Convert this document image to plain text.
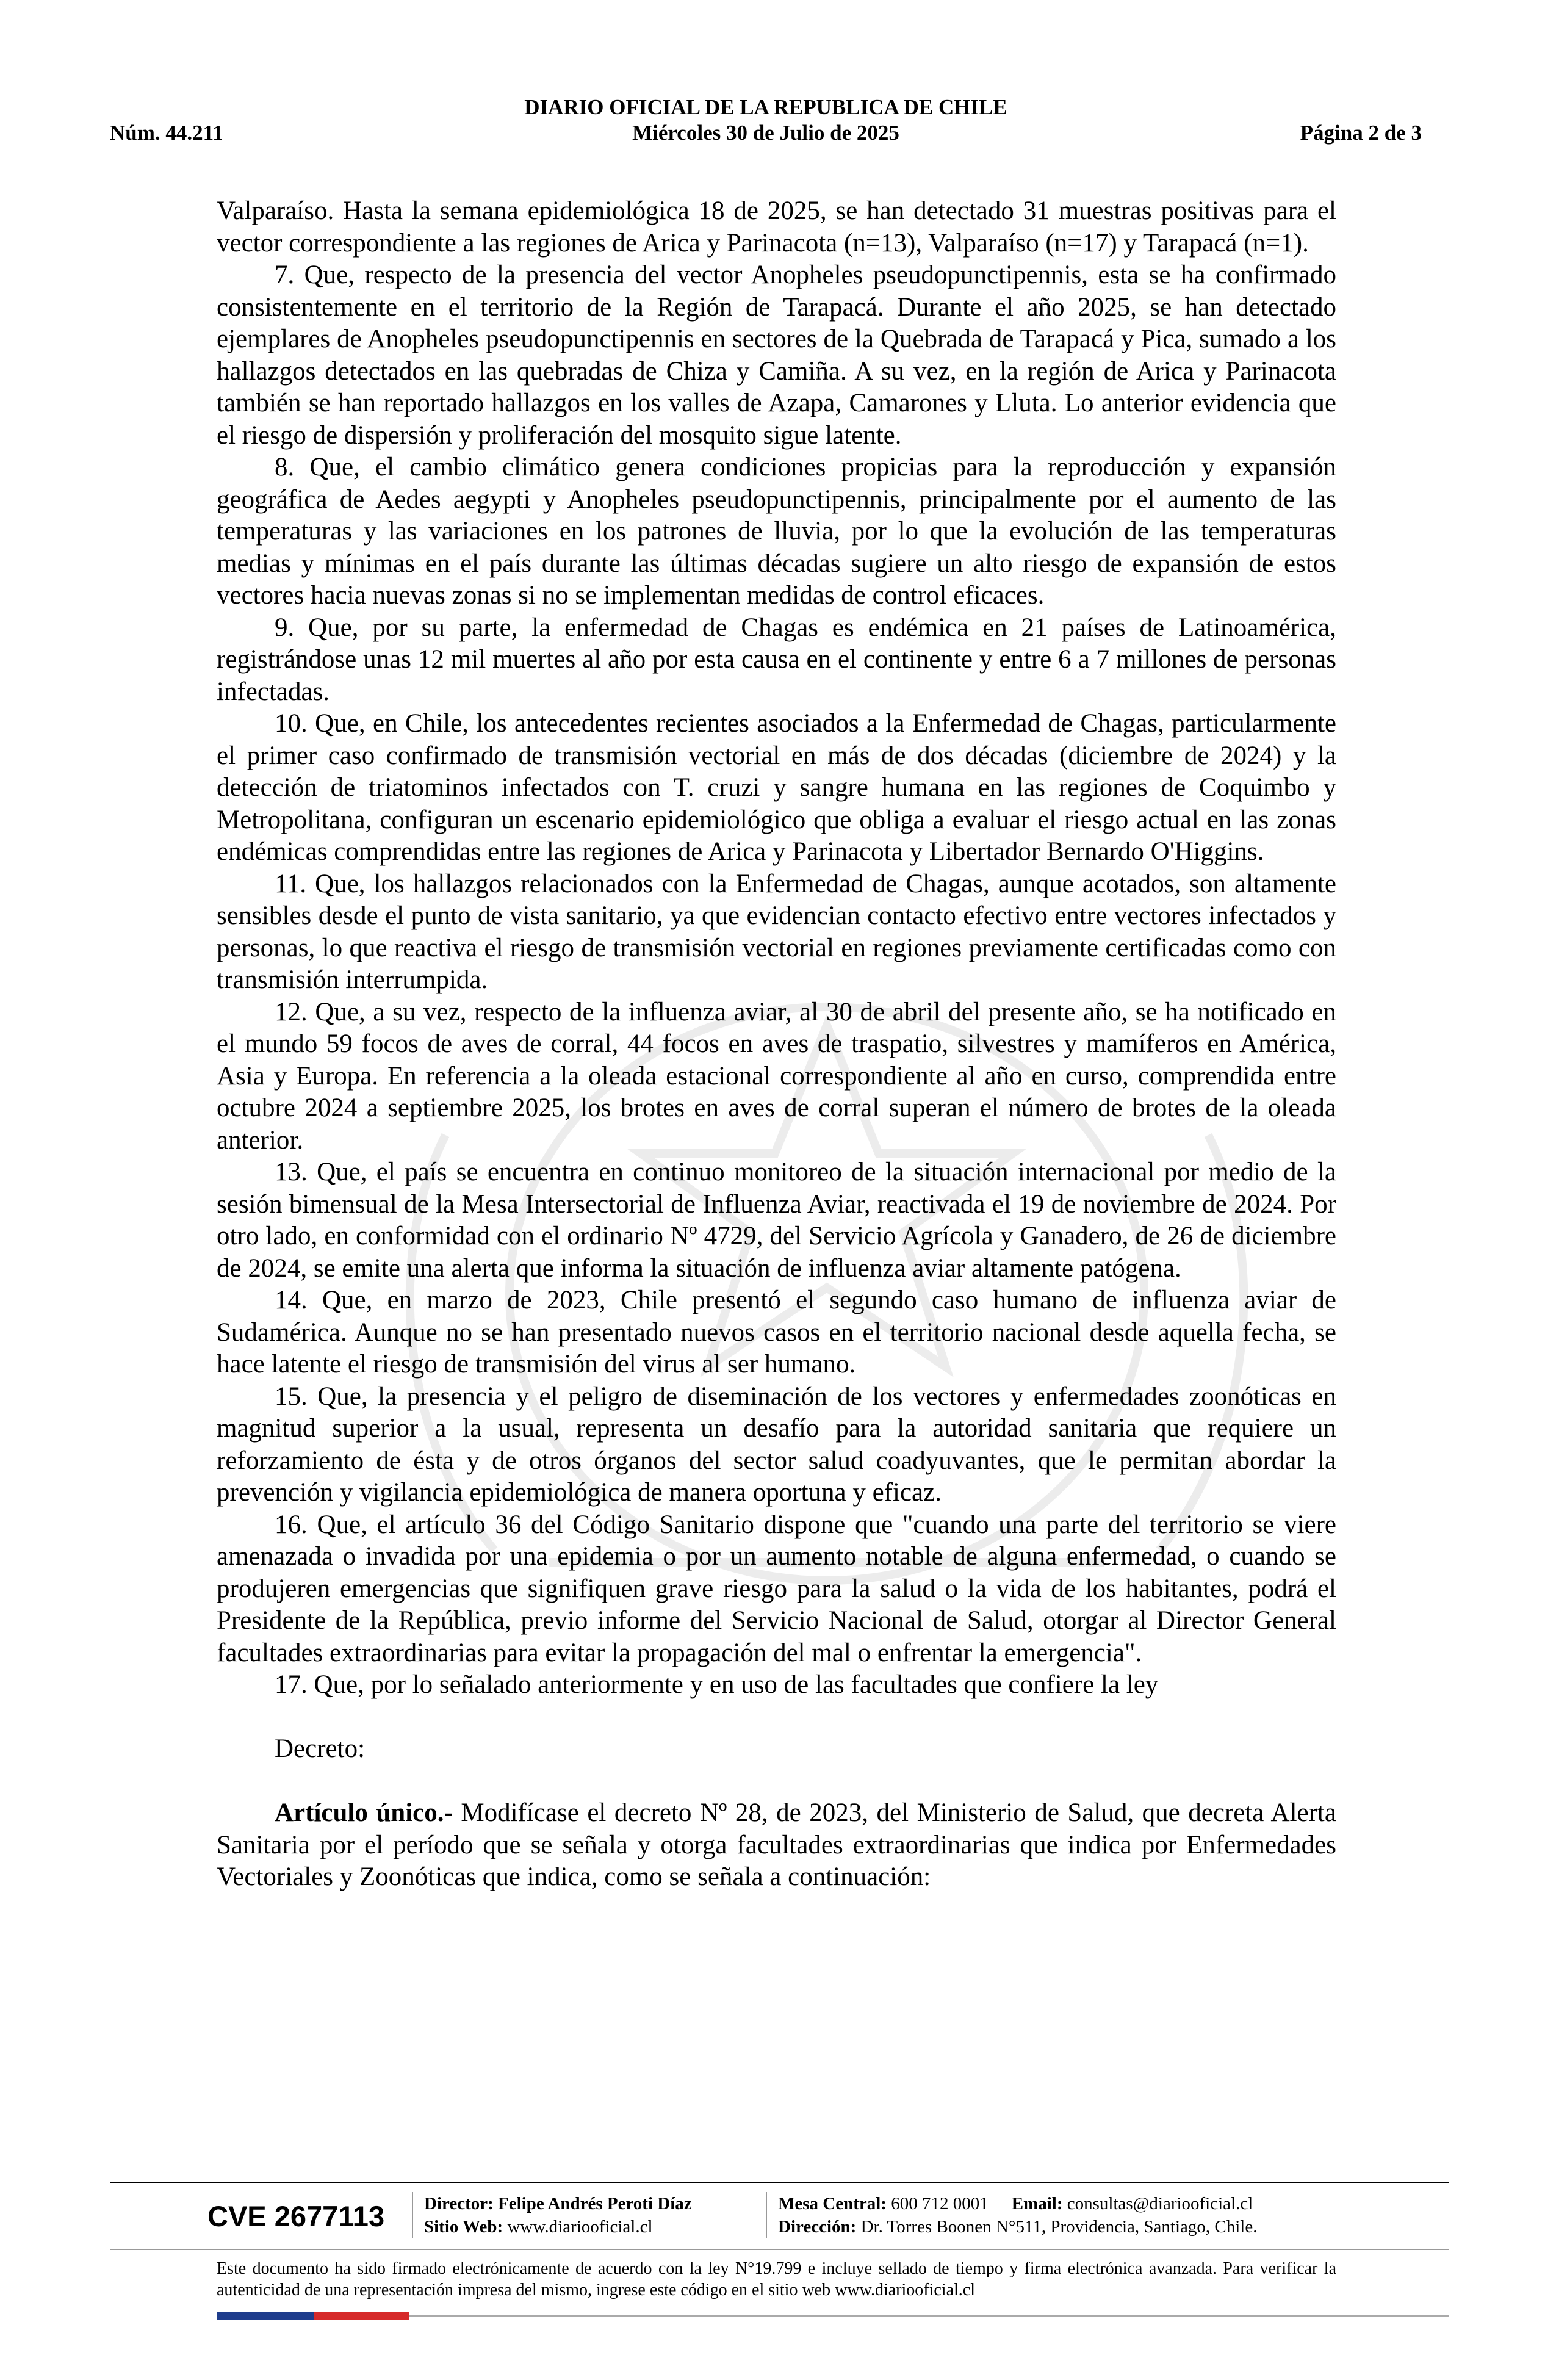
DIARIO OFICIAL DE LA REPUBLICA DE CHILE
Núm. 44.211	Miércoles 30 de Julio de 2025	Página 2 de 3

Valparaíso. Hasta la semana epidemiológica 18 de 2025, se han detectado 31 muestras positivas para el vector correspondiente a las regiones de Arica y Parinacota (n=13), Valparaíso (n=17) y Tarapacá (n=1).

7. Que, respecto de la presencia del vector Anopheles pseudopunctipennis, esta se ha confirmado consistentemente en el territorio de la Región de Tarapacá. Durante el año 2025, se han detectado ejemplares de Anopheles pseudopunctipennis en sectores de la Quebrada de Tarapacá y Pica, sumado a los hallazgos detectados en las quebradas de Chiza y Camiña. A su vez, en la región de Arica y Parinacota también se han reportado hallazgos en los valles de Azapa, Camarones y Lluta. Lo anterior evidencia que el riesgo de dispersión y proliferación del mosquito sigue latente.

8. Que, el cambio climático genera condiciones propicias para la reproducción y expansión geográfica de Aedes aegypti y Anopheles pseudopunctipennis, principalmente por el aumento de las temperaturas y las variaciones en los patrones de lluvia, por lo que la evolución de las temperaturas medias y mínimas en el país durante las últimas décadas sugiere un alto riesgo de expansión de estos vectores hacia nuevas zonas si no se implementan medidas de control eficaces.

9. Que, por su parte, la enfermedad de Chagas es endémica en 21 países de Latinoamérica, registrándose unas 12 mil muertes al año por esta causa en el continente y entre 6 a 7 millones de personas infectadas.

10. Que, en Chile, los antecedentes recientes asociados a la Enfermedad de Chagas, particularmente el primer caso confirmado de transmisión vectorial en más de dos décadas (diciembre de 2024) y la detección de triatominos infectados con T. cruzi y sangre humana en las regiones de Coquimbo y Metropolitana, configuran un escenario epidemiológico que obliga a evaluar el riesgo actual en las zonas endémicas comprendidas entre las regiones de Arica y Parinacota y Libertador Bernardo O'Higgins.

11. Que, los hallazgos relacionados con la Enfermedad de Chagas, aunque acotados, son altamente sensibles desde el punto de vista sanitario, ya que evidencian contacto efectivo entre vectores infectados y personas, lo que reactiva el riesgo de transmisión vectorial en regiones previamente certificadas como con transmisión interrumpida.

12. Que, a su vez, respecto de la influenza aviar, al 30 de abril del presente año, se ha notificado en el mundo 59 focos de aves de corral, 44 focos en aves de traspatio, silvestres y mamíferos en América, Asia y Europa. En referencia a la oleada estacional correspondiente al año en curso, comprendida entre octubre 2024 a septiembre 2025, los brotes en aves de corral superan el número de brotes de la oleada anterior.

13. Que, el país se encuentra en continuo monitoreo de la situación internacional por medio de la sesión bimensual de la Mesa Intersectorial de Influenza Aviar, reactivada el 19 de noviembre de 2024. Por otro lado, en conformidad con el ordinario Nº 4729, del Servicio Agrícola y Ganadero, de 26 de diciembre de 2024, se emite una alerta que informa la situación de influenza aviar altamente patógena.

14. Que, en marzo de 2023, Chile presentó el segundo caso humano de influenza aviar de Sudamérica. Aunque no se han presentado nuevos casos en el territorio nacional desde aquella fecha, se hace latente el riesgo de transmisión del virus al ser humano.

15. Que, la presencia y el peligro de diseminación de los vectores y enfermedades zoonóticas en magnitud superior a la usual, representa un desafío para la autoridad sanitaria que requiere un reforzamiento de ésta y de otros órganos del sector salud coadyuvantes, que le permitan abordar la prevención y vigilancia epidemiológica de manera oportuna y eficaz.

16. Que, el artículo 36 del Código Sanitario dispone que "cuando una parte del territorio se viere amenazada o invadida por una epidemia o por un aumento notable de alguna enfermedad, o cuando se produjeren emergencias que signifiquen grave riesgo para la salud o la vida de los habitantes, podrá el Presidente de la República, previo informe del Servicio Nacional de Salud, otorgar al Director General facultades extraordinarias para evitar la propagación del mal o enfrentar la emergencia".

17. Que, por lo señalado anteriormente y en uso de las facultades que confiere la ley

Decreto:

Artículo único.- Modifícase el decreto Nº 28, de 2023, del Ministerio de Salud, que decreta Alerta Sanitaria por el período que se señala y otorga facultades extraordinarias que indica por Enfermedades Vectoriales y Zoonóticas que indica, como se señala a continuación:

CVE 2677113	Director: Felipe Andrés Peroti Díaz
Sitio Web: www.diariooficial.cl
Mesa Central: 600 712 0001 Email: consultas@diariooficial.cl
Dirección: Dr. Torres Boonen N°511, Providencia, Santiago, Chile.
Este documento ha sido firmado electrónicamente de acuerdo con la ley N°19.799 e incluye sellado de tiempo y firma electrónica avanzada. Para verificar la autenticidad de una representación impresa del mismo, ingrese este código en el sitio web www.diariooficial.cl
